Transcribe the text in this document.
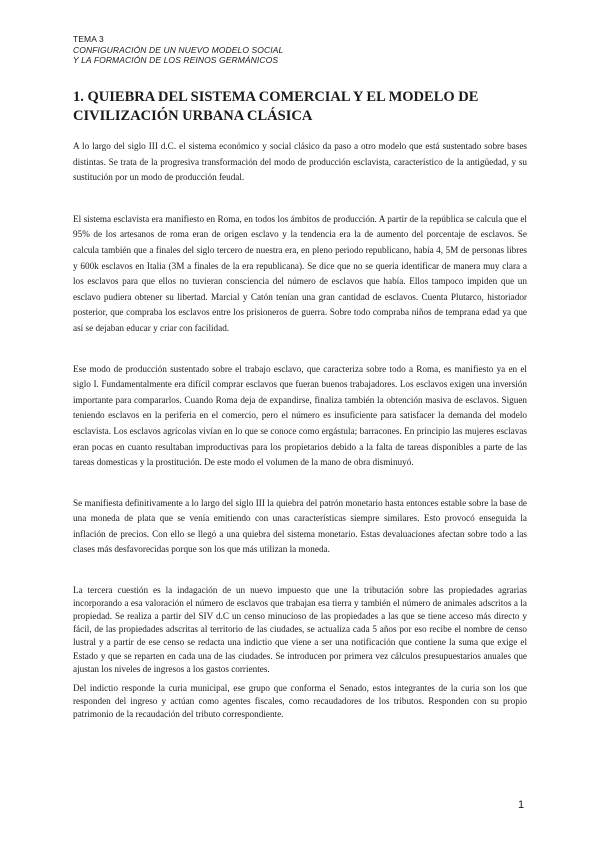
TEMA 3
CONFIGURACIÓN DE UN NUEVO MODELO SOCIAL
Y LA FORMACIÓN DE LOS REINOS GERMÁNICOS
1. QUIEBRA DEL SISTEMA COMERCIAL Y EL MODELO DE CIVILIZACIÓN URBANA CLÁSICA

A lo largo del siglo III d.C. el sistema económico y social clásico da paso a otro modelo que está sustentado sobre bases distintas. Se trata de la progresiva transformación del modo de producción esclavista, característico de la antigüedad, y su sustitución por un modo de producción feudal.

El sistema esclavista era manifiesto en Roma, en todos los ámbitos de producción. A partir de la república se calcula que el 95% de los artesanos de roma eran de origen esclavo y la tendencia era la de aumento del porcentaje de esclavos. Se calcula también que a finales del siglo tercero de nuestra era, en pleno periodo republicano, había 4, 5M de personas libres y 600k esclavos en Italia (3M a finales de la era republicana). Se dice que no se quería identificar de manera muy clara a los esclavos para que ellos no tuvieran consciencia del número de esclavos que había. Ellos tampoco impiden que un esclavo pudiera obtener su libertad. Marcial y Catón tenían una gran cantidad de esclavos. Cuenta Plutarco, historiador posterior, que compraba los esclavos entre los prisioneros de guerra. Sobre todo compraba niños de temprana edad ya que así se dejaban educar y criar con facilidad.

Ese modo de producción sustentado sobre el trabajo esclavo, que caracteriza sobre todo a Roma, es manifiesto ya en el siglo I. Fundamentalmente era difícil comprar esclavos que fueran buenos trabajadores. Los esclavos exigen una inversión importante para compararlos. Cuando Roma deja de expandirse, finaliza también la obtención masiva de esclavos. Siguen teniendo esclavos en la periferia en el comercio, pero el número es insuficiente para satisfacer la demanda del modelo esclavista. Los esclavos agrícolas vivían en lo que se conoce como ergástula; barracones. En principio las mujeres esclavas eran pocas en cuanto resultaban improductivas para los propietarios debido a la falta de tareas disponibles a parte de las tareas domesticas y la prostitución. De este modo el volumen de la mano de obra disminuyó.

Se manifiesta definitivamente a lo largo del siglo III la quiebra del patrón monetario hasta entonces estable sobre la base de una moneda de plata que se venía emitiendo con unas características siempre similares. Esto provocó enseguida la inflación de precios. Con ello se llegó a una quiebra del sistema monetario. Estas devaluaciones afectan sobre todo a las clases más desfavorecidas porque son los que más utilizan la moneda.

La tercera cuestión es la indagación de un nuevo impuesto que une la tributación sobre las propiedades agrarias incorporando a esa valoración el número de esclavos que trabajan esa tierra y también el número de animales adscritos a la propiedad. Se realiza a partir del SIV d.C un censo minucioso de las propiedades a las que se tiene acceso más directo y fácil, de las propiedades adscritas al territorio de las ciudades, se actualiza cada 5 años por eso recibe el nombre de censo lustral y a partir de ese censo se redacta una indictio que viene a ser una notificación que contiene la suma que exige el Estado y que se reparten en cada una de las ciudades. Se introducen por primera vez cálculos presupuestarios anuales que ajustan los niveles de ingresos a los gastos corrientes.

Del indictio responde la curia municipal, ese grupo que conforma el Senado, estos integrantes de la curia son los que responden del ingreso y actúan como agentes fiscales, como recaudadores de los tributos. Responden con su propio patrimonio de la recaudación del tributo correspondiente.

1
